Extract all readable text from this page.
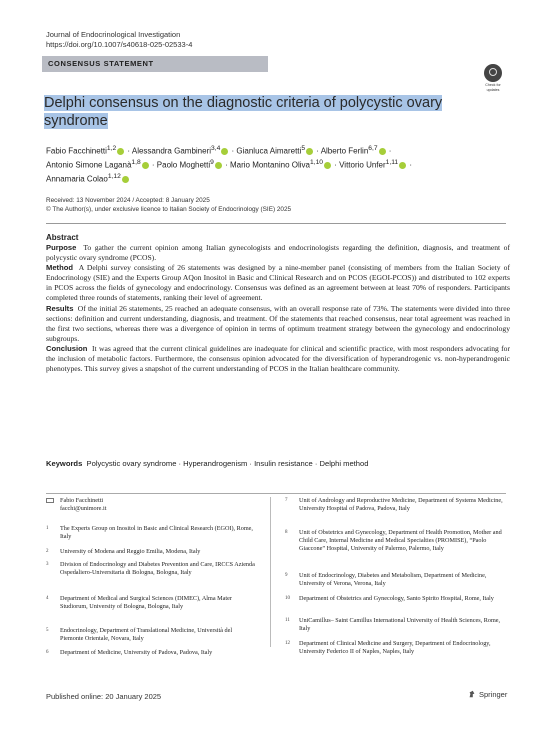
Journal of Endocrinological Investigation
https://doi.org/10.1007/s40618-025-02533-4
CONSENSUS STATEMENT
Check for
updates
Delphi consensus on the diagnostic criteria of polycystic ovary syndrome
Fabio Facchinetti$^{1,2}$ · Alessandra Gambineri$^{3,4}$ · Gianluca Aimaretti$^5$ · Alberto Ferlin$^{6,7}$ ·
Antonio Simone Laganà$^{1,8}$ · Paolo Moghetti$^9$ · Mario Montanino Oliva$^{1,10}$ · Vittorio Unfer$^{1,11}$ ·
Annamaria Colao$^{1,12}$
Received: 13 November 2024 / Accepted: 8 January 2025
© The Author(s), under exclusive licence to Italian Society of Endocrinology (SIE) 2025
Abstract

Purpose To gather the current opinion among Italian gynecologists and endocrinologists regarding the definition, diagnosis, and treatment of polycystic ovary syndrome (PCOS).

Method A Delphi survey consisting of 26 statements was designed by a nine-member panel (consisting of members from the Italian Society of Endocrinology (SIE) and the Experts Group AQon Inositol in Basic and Clinical Research and on PCOS (EGOI-PCOS)) and distributed to 102 experts in PCOS across the fields of gynecology and endocrinology. Consensus was defined as an agreement between at least 70% of responders. Participants completed three rounds of statements, ranking their level of agreement.

Results Of the initial 26 statements, 25 reached an adequate consensus, with an overall response rate of 73%. The statements were divided into three sections: definition and current understanding, diagnosis, and treatment. Of the statements that reached consensus, near total agreement was reached in the first two sections, whereas there was a divergence of opinion in terms of optimum treatment strategy between the gynecology and endocrinology subgroups.

Conclusion It was agreed that the current clinical guidelines are inadequate for clinical and scientific practice, with most responders advocating for the inclusion of metabolic factors. Furthermore, the consensus opinion advocated for the diversification of hyperandrogenic vs. non-hyperandrogenic phenotypes. This survey gives a snapshot of the current understanding of PCOS in the Italian healthcare community.

Keywords Polycystic ovary syndrome · Hyperandrogenism · Insulin resistance · Delphi method
Fabio Facchinetti
facchi@unimore.it
1 The Experts Group on Inositol in Basic and Clinical Research (EGOI), Rome, Italy
2 University of Modena and Reggio Emilia, Modena, Italy
3 Division of Endocrinology and Diabetes Prevention and Care, IRCCS Azienda Ospedaliero-Universitaria di Bologna, Bologna, Italy
4 Department of Medical and Surgical Sciences (DIMEC), Alma Mater Studiorum, University of Bologna, Bologna, Italy
5 Endocrinology, Department of Translational Medicine, Università del Piemonte Orientale, Novara, Italy
6 Department of Medicine, University of Padova, Padova, Italy
7 Unit of Andrology and Reproductive Medicine, Department of Systems Medicine, University Hospital of Padova, Padova, Italy
8 Unit of Obstetrics and Gynecology, Department of Health Promotion, Mother and Child Care, Internal Medicine and Medical Specialties (PROMISE), “Paolo Giaccone” Hospital, University of Palermo, Palermo, Italy
9 Unit of Endocrinology, Diabetes and Metabolism, Department of Medicine, University of Verona, Verona, Italy
10 Department of Obstetrics and Gynecology, Santo Spirito Hospital, Rome, Italy
11 UniCamillus– Saint Camillus International University of Health Sciences, Rome, Italy
12 Department of Clinical Medicine and Surgery, Department of Endocrinology, University Federico II of Naples, Naples, Italy
Published online: 20 January 2025	Springer
